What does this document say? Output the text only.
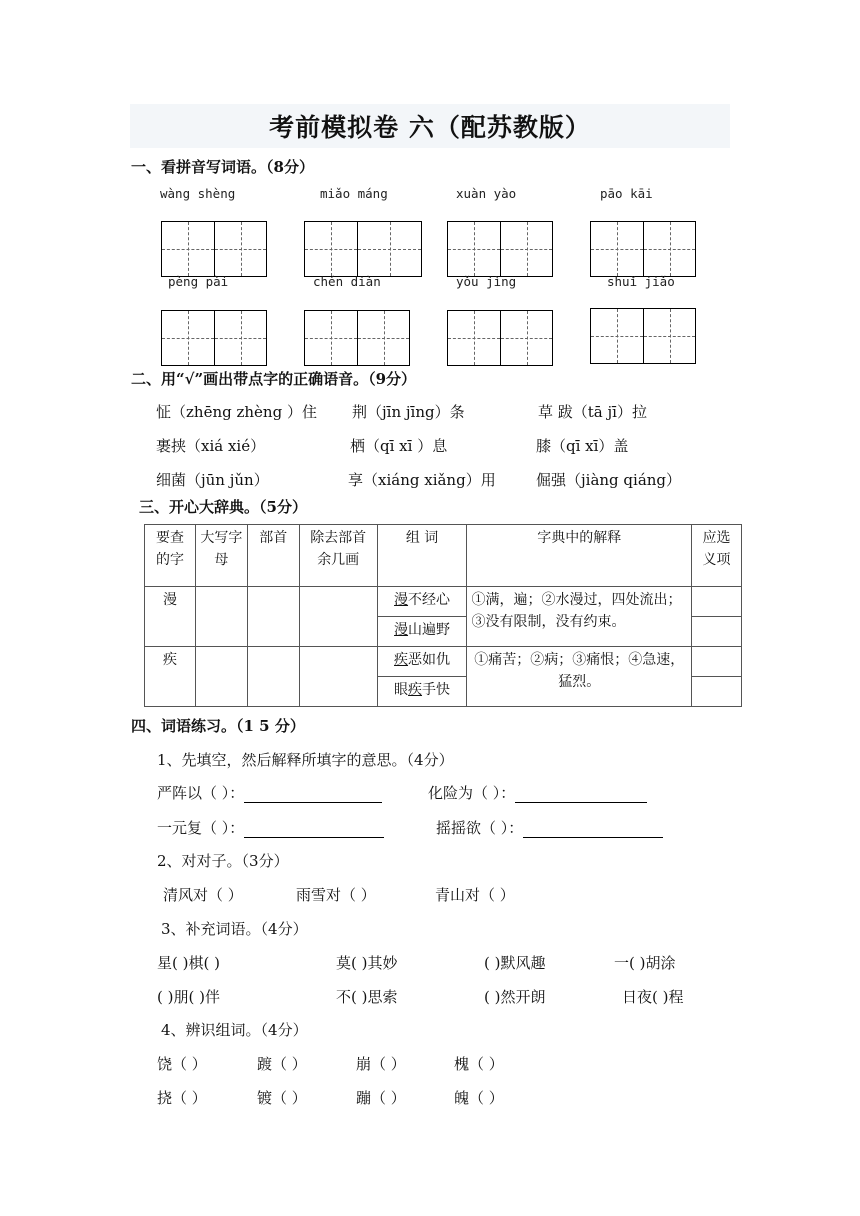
考前模拟卷 六（配苏教版）
一、看拼音写词语。（8分）
wàng shèng	miǎo máng	xuàn yào	pāo kāi
pèng pài	chén diàn	yǒu jìng	shuǐ jiǎo
二、用“√”画出带点字的正确语音。（9分）
怔（zhēng zhèng ）住 荆（jīn jīng）条	草 跋（tā jī）拉
裹挟（xiá xié）	栖（qī xī ）息	膝（qī xī）盖
细菌（jūn jǔn）	享（xiáng xiǎng）用	倔强（jiàng qiáng）
三、开心大辞典。（5分）
要查的字	大写字母	部首	除去部首余几画	组 词	字典中的解释	应选义项
漫				漫不经心	①满，遍；②水漫过，四处流出；③没有限制，没有约束。	
				漫山遍野		
疾				疾恶如仇	①痛苦；②病；③痛恨；④急速，猛烈。	
				眼疾手快		
四、词语练习。（1 5 分）
1、先填空，然后解释所填字的意思。（4分）
严阵以（ ）：	化险为（ ）：
一元复（ ）：	摇摇欲（ ）：
2、对对子。（3分）
清风对（ ）	雨雪对（ ）	青山对（ ）
3、补充词语。（4分）
星( )棋( )	莫( )其妙	( )默风趣	一( )胡涂
( )朋( )伴	不( )思索	( )然开朗	日夜( )程
4、辨识组词。（4分）
饶（ ）	踱（ ）	崩（ ）	槐（ ）
挠（ ）	镀（ ）	蹦（ ）	魄（ ）
